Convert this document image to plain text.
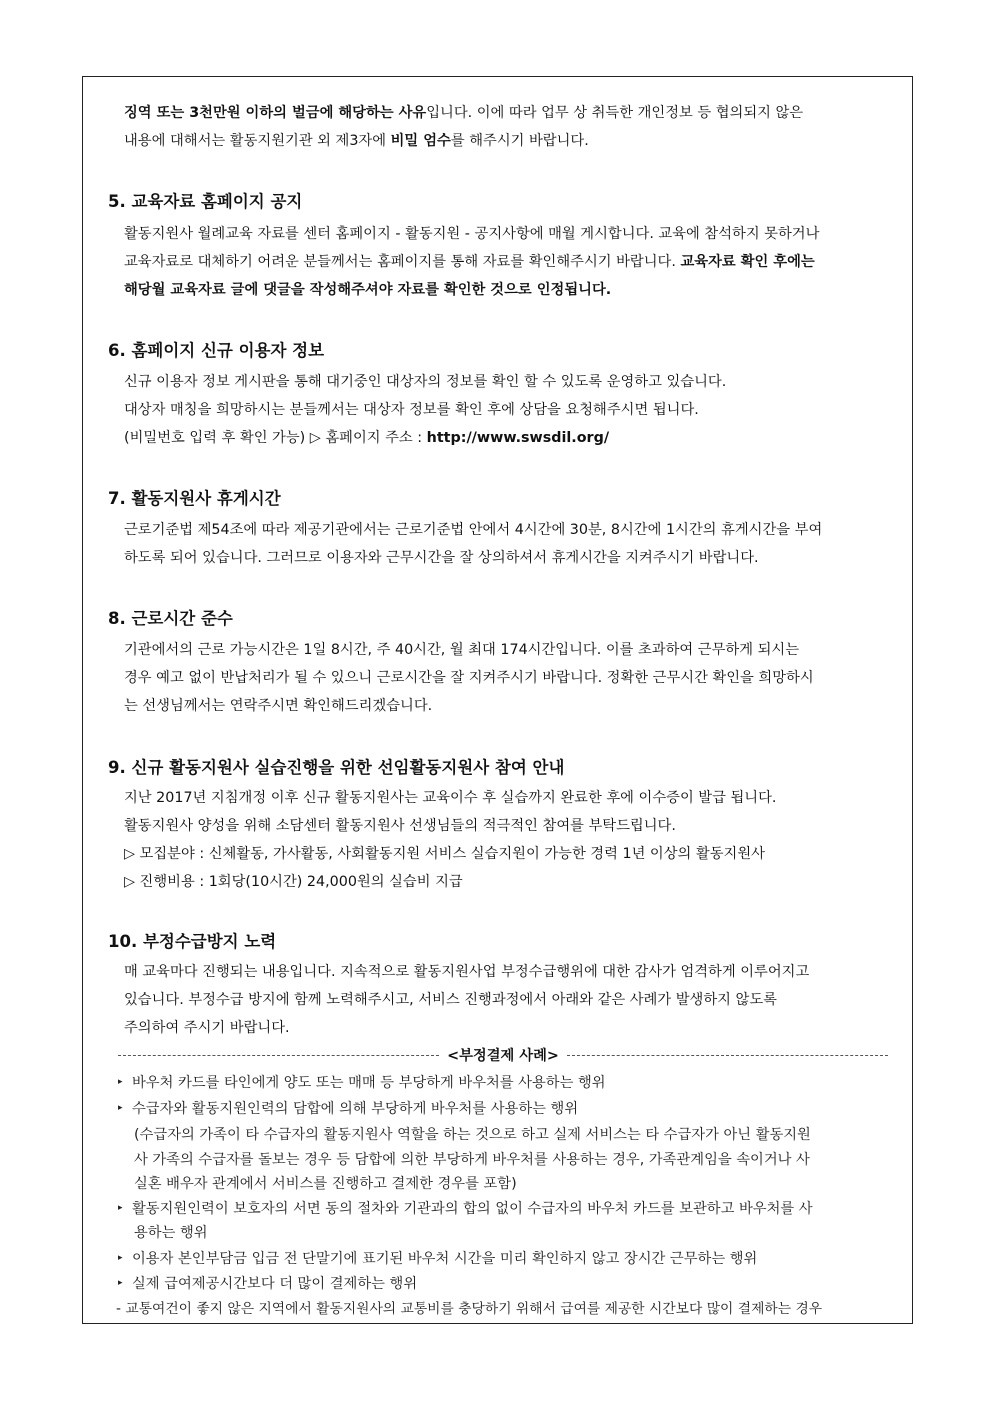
징역 또는 3천만원 이하의 벌금에 해당하는 사유입니다. 이에 따라 업무 상 취득한 개인정보 등 협의되지 않은
내용에 대해서는 활동지원기관 외 제3자에 비밀 엄수를 해주시기 바랍니다.
5. 교육자료 홈페이지 공지
활동지원사 월례교육 자료를 센터 홈페이지 - 활동지원 - 공지사항에 매월 게시합니다. 교육에 참석하지 못하거나
교육자료로 대체하기 어려운 분들께서는 홈페이지를 통해 자료를 확인해주시기 바랍니다. 교육자료 확인 후에는
해당월 교육자료 글에 댓글을 작성해주셔야 자료를 확인한 것으로 인정됩니다.
6. 홈페이지 신규 이용자 정보
신규 이용자 정보 게시판을 통해 대기중인 대상자의 정보를 확인 할 수 있도록 운영하고 있습니다.
대상자 매칭을 희망하시는 분들께서는 대상자 정보를 확인 후에 상담을 요청해주시면 됩니다.
(비밀번호 입력 후 확인 가능) ▷ 홈페이지 주소 : http://www.swsdil.org/
7. 활동지원사 휴게시간
근로기준법 제54조에 따라 제공기관에서는 근로기준법 안에서 4시간에 30분, 8시간에 1시간의 휴게시간을 부여
하도록 되어 있습니다. 그러므로 이용자와 근무시간을 잘 상의하셔서 휴게시간을 지켜주시기 바랍니다.
8. 근로시간 준수
기관에서의 근로 가능시간은 1일 8시간, 주 40시간, 월 최대 174시간입니다. 이를 초과하여 근무하게 되시는
경우 예고 없이 반납처리가 될 수 있으니 근로시간을 잘 지켜주시기 바랍니다. 정확한 근무시간 확인을 희망하시
는 선생님께서는 연락주시면 확인해드리겠습니다.
9. 신규 활동지원사 실습진행을 위한 선임활동지원사 참여 안내
지난 2017년 지침개정 이후 신규 활동지원사는 교육이수 후 실습까지 완료한 후에 이수증이 발급 됩니다.
활동지원사 양성을 위해 소담센터 활동지원사 선생님들의 적극적인 참여를 부탁드립니다.
▷ 모집분야 : 신체활동, 가사활동, 사회활동지원 서비스 실습지원이 가능한 경력 1년 이상의 활동지원사
▷ 진행비용 : 1회당(10시간) 24,000원의 실습비 지급
10. 부정수급방지 노력
매 교육마다 진행되는 내용입니다. 지속적으로 활동지원사업 부정수급행위에 대한 감사가 엄격하게 이루어지고
있습니다. 부정수급 방지에 함께 노력해주시고, 서비스 진행과정에서 아래와 같은 사례가 발생하지 않도록
주의하여 주시기 바랍니다.
<부정결제 사례>
▸ 바우처 카드를 타인에게 양도 또는 매매 등 부당하게 바우처를 사용하는 행위
▸ 수급자와 활동지원인력의 담합에 의해 부당하게 바우처를 사용하는 행위
(수급자의 가족이 타 수급자의 활동지원사 역할을 하는 것으로 하고 실제 서비스는 타 수급자가 아닌 활동지원
사 가족의 수급자를 돌보는 경우 등 담합에 의한 부당하게 바우처를 사용하는 경우, 가족관계임을 속이거나 사
실혼 배우자 관계에서 서비스를 진행하고 결제한 경우를 포함)
▸ 활동지원인력이 보호자의 서면 동의 절차와 기관과의 합의 없이 수급자의 바우처 카드를 보관하고 바우처를 사
용하는 행위
▸ 이용자 본인부담금 입금 전 단말기에 표기된 바우처 시간을 미리 확인하지 않고 장시간 근무하는 행위
▸ 실제 급여제공시간보다 더 많이 결제하는 행위
- 교통여건이 좋지 않은 지역에서 활동지원사의 교통비를 충당하기 위해서 급여를 제공한 시간보다 많이 결제하는 경우
